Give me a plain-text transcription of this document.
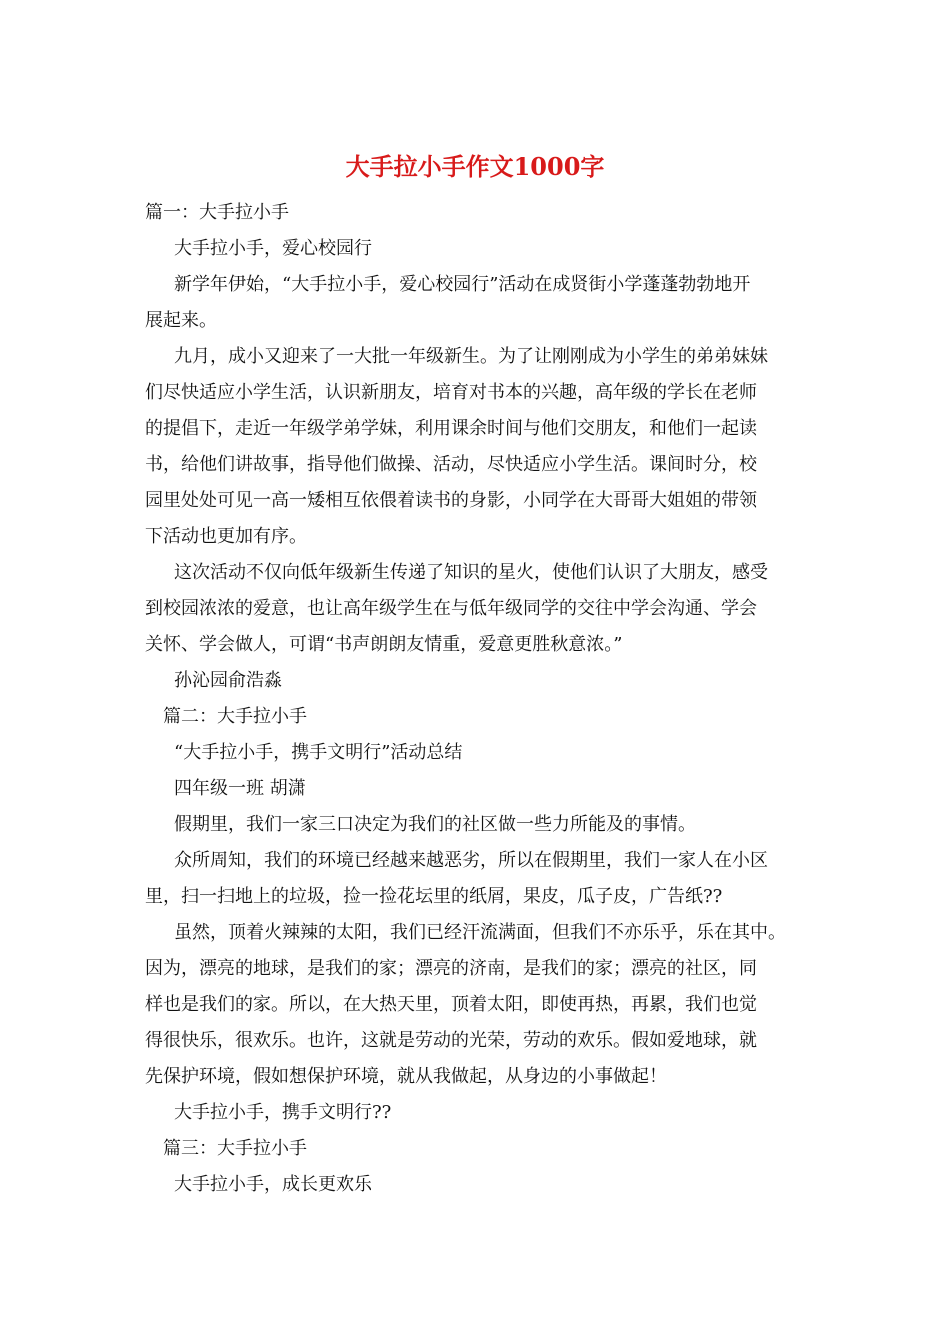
大手拉小手作文1000字

篇一：大手拉小手

大手拉小手，爱心校园行

新学年伊始，“大手拉小手，爱心校园行”活动在成贤街小学蓬蓬勃勃地开

展起来。

九月，成小又迎来了一大批一年级新生。为了让刚刚成为小学生的弟弟妹妹

们尽快适应小学生活，认识新朋友，培育对书本的兴趣，高年级的学长在老师

的提倡下，走近一年级学弟学妹，利用课余时间与他们交朋友，和他们一起读

书，给他们讲故事，指导他们做操、活动，尽快适应小学生活。课间时分，校

园里处处可见一高一矮相互依偎着读书的身影，小同学在大哥哥大姐姐的带领

下活动也更加有序。

这次活动不仅向低年级新生传递了知识的星火，使他们认识了大朋友，感受

到校园浓浓的爱意，也让高年级学生在与低年级同学的交往中学会沟通、学会

关怀、学会做人，可谓“书声朗朗友情重，爱意更胜秋意浓。”

孙沁园俞浩淼

篇二：大手拉小手

“大手拉小手，携手文明行”活动总结

四年级一班 胡潇

假期里，我们一家三口决定为我们的社区做一些力所能及的事情。

众所周知，我们的环境已经越来越恶劣，所以在假期里，我们一家人在小区

里，扫一扫地上的垃圾，捡一捡花坛里的纸屑，果皮，瓜子皮，广告纸??

虽然，顶着火辣辣的太阳，我们已经汗流满面，但我们不亦乐乎，乐在其中。

因为，漂亮的地球，是我们的家；漂亮的济南，是我们的家；漂亮的社区，同

样也是我们的家。所以，在大热天里，顶着太阳，即使再热，再累，我们也觉

得很快乐，很欢乐。也许，这就是劳动的光荣，劳动的欢乐。假如爱地球，就

先保护环境，假如想保护环境，就从我做起，从身边的小事做起！

大手拉小手，携手文明行??

篇三：大手拉小手

大手拉小手，成长更欢乐
